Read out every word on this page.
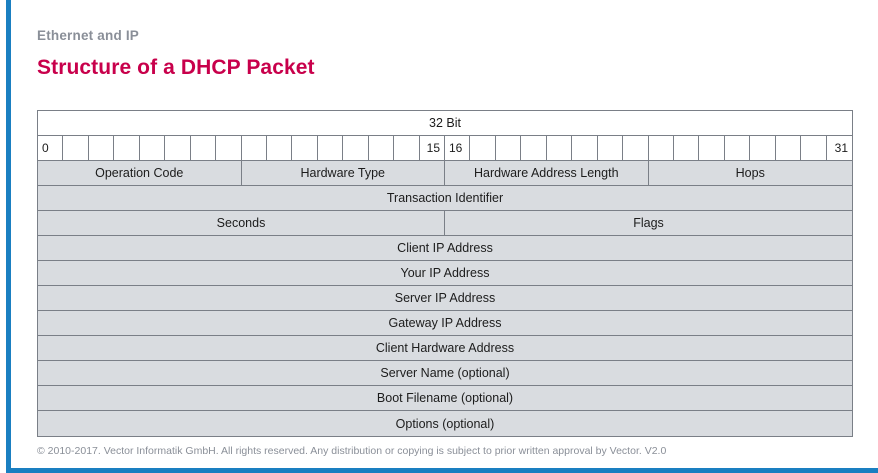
Ethernet and IP
Structure of a DHCP Packet
32 Bit
0	15 16	31
Operation Code	Hardware Type	Hardware Address Length	Hops
Transaction Identifier
Seconds	Flags
Client IP Address
Your IP Address
Server IP Address
Gateway IP Address
Client Hardware Address
Server Name (optional)
Boot Filename (optional)
Options (optional)
© 2010-2017. Vector Informatik GmbH. All rights reserved. Any distribution or copying is subject to prior written approval by Vector. V2.0
